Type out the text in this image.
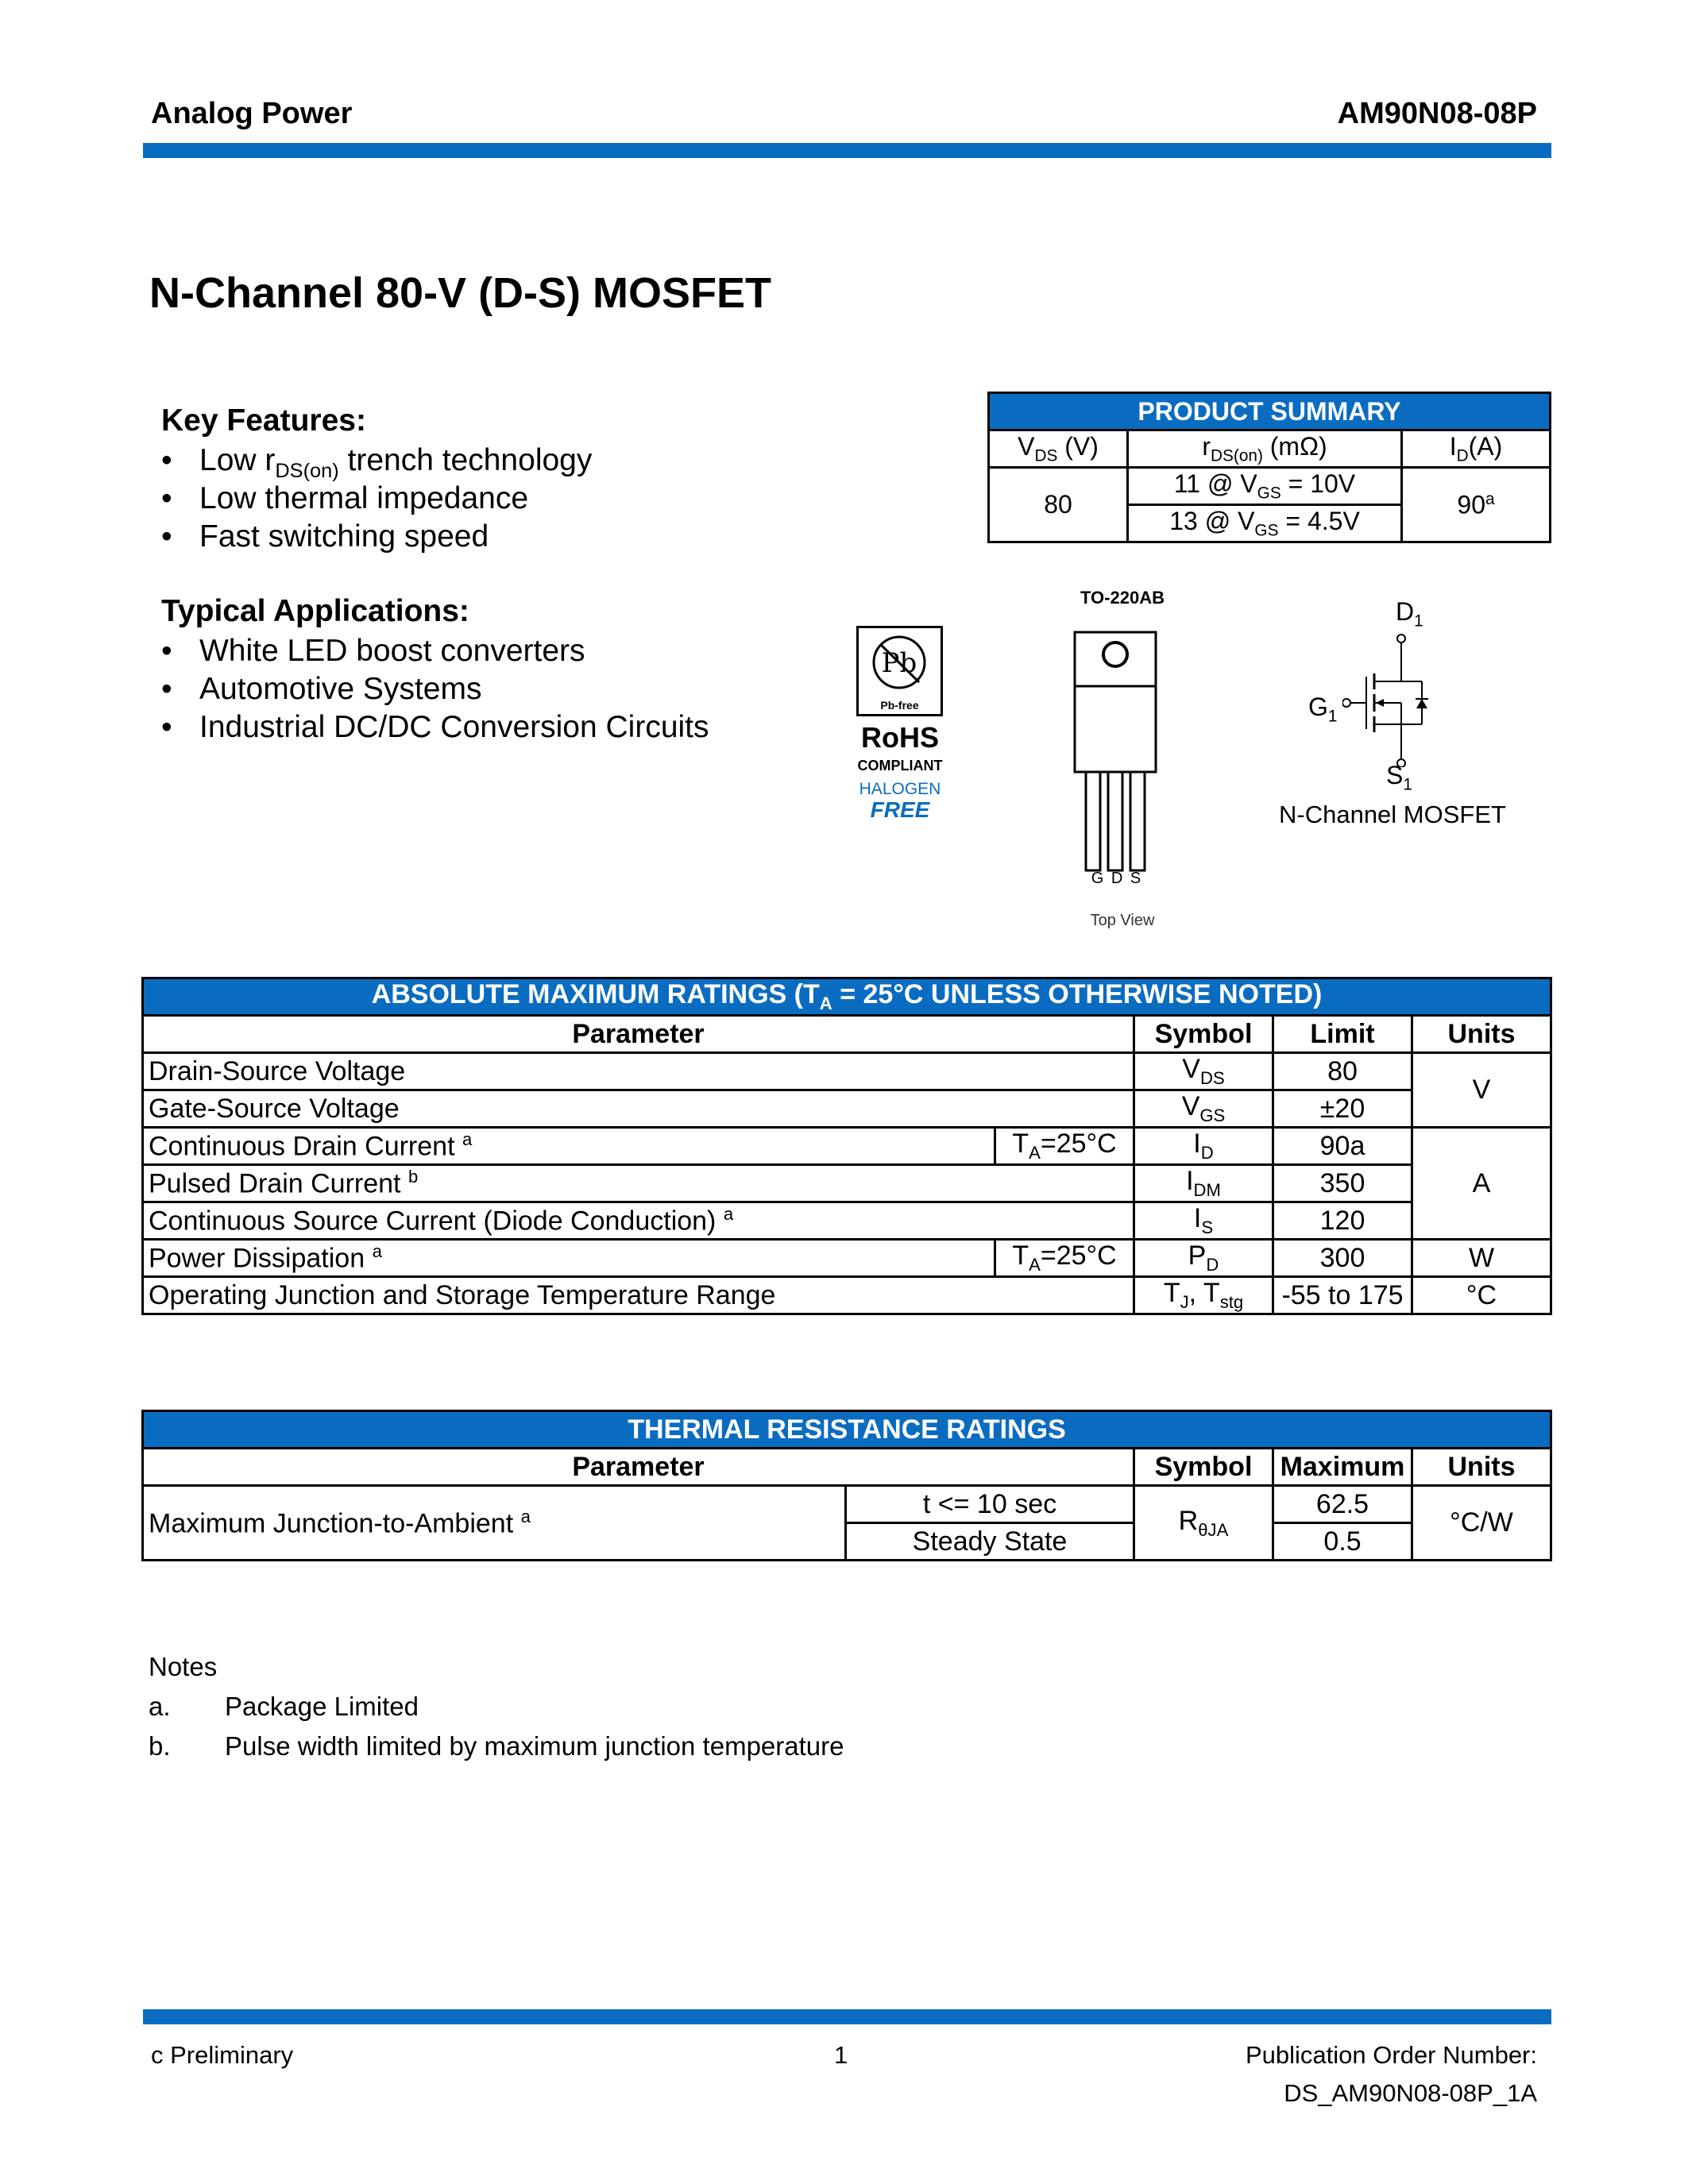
Analog Power	AM90N08-08P
N-Channel 80-V (D-S) MOSFET
Key Features:
• Low $r_{DS(on)}$ trench technology
• Low thermal impedance
• Fast switching speed
Typical Applications:
• White LED boost converters
• Automotive Systems
• Industrial DC/DC Conversion Circuits
PRODUCT SUMMARY		
$V_{DS}$ (V)	$r_{DS(on)}$ (mΩ)	$I_D(A)$
80	11 @ $V_{GS} = 10V$	90$^a$
	13 @ $V_{GS} = 4.5V$	
Pb
Pb-free
RoHS
COMPLIANT
HALOGEN
FREE
TO-220AB
G D S
Top View
$D_1$
$G_1$
$S_1$
N-Channel MOSFET
ABSOLUTE MAXIMUM RATINGS ($T_A = 25^\circ C$ UNLESS OTHERWISE NOTED)				
Parameter		Symbol	Limit	Units
Drain-Source Voltage		$V_{DS}$	80	V
Gate-Source Voltage		$V_{GS}$	±20	
Continuous Drain Current $^a$	$T_A=25^\circ C$	$I_D$	90a	A
Pulsed Drain Current $^b$		$I_{DM}$	350	
Continuous Source Current (Diode Conduction) $^a$		$I_S$	120	
Power Dissipation $^a$	$T_A=25^\circ C$	$P_D$	300	W
Operating Junction and Storage Temperature Range		$T_J$, $T_{stg}$	-55 to 175	°C
THERMAL RESISTANCE RATINGS				
Parameter		Symbol	Maximum	Units
Maximum Junction-to-Ambient $^a$	t <= 10 sec	$R_{\theta JA}$	62.5	°C/W
	Steady State		0.5	
Notes
a. Package Limited
b. Pulse width limited by maximum junction temperature
c Preliminary	1	Publication Order Number:
DS_AM90N08-08P_1A
